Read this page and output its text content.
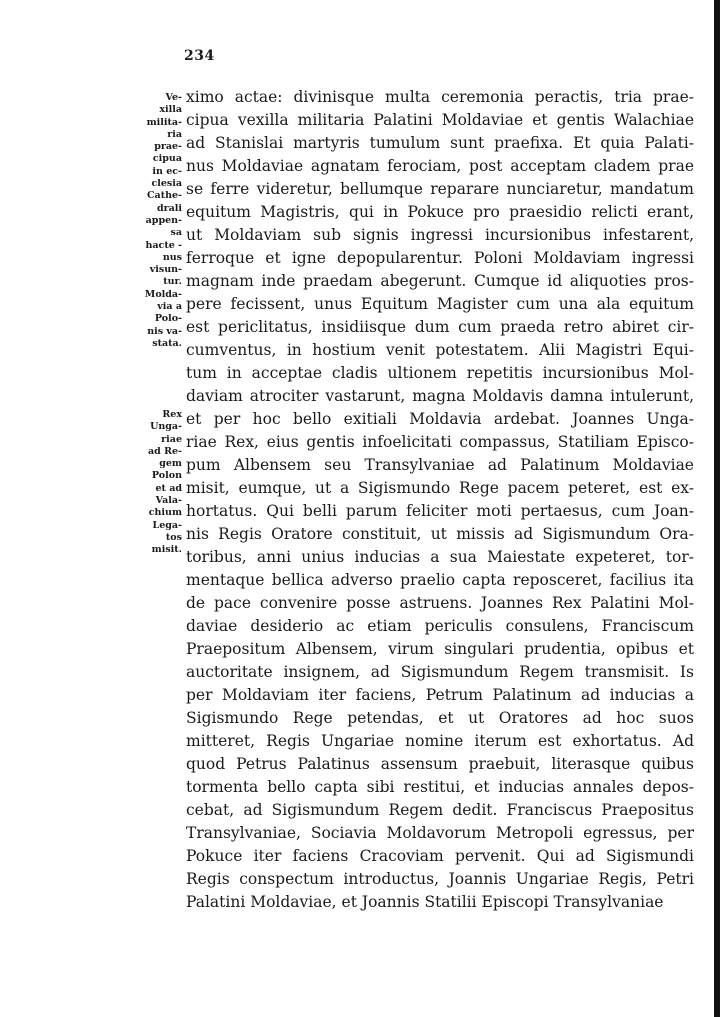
234
Ve-
xilla
milita-
ria
prae-
cipua
in ec-
clesia
Cathe-
drali
appen-
sa
hacte -
nus
visun-
tur.
Molda-
via a
Polo-
nis va-
stata.
Rex
Unga-
riae
ad Re-
gem
Polon
et ad
Vala-
chium
Lega-
tos
misit.
ximo actae: divinisque multa ceremonia peractis, tria prae-
cipua vexilla militaria Palatini Moldaviae et gentis Walachiae
ad Stanislai martyris tumulum sunt praefixa. Et quia Palati-
nus Moldaviae agnatam ferociam, post acceptam cladem prae
se ferre videretur, bellumque reparare nunciaretur, mandatum
equitum Magistris, qui in Pokuce pro praesidio relicti erant,
ut Moldaviam sub signis ingressi incursionibus infestarent,
ferroque et igne depopularentur. Poloni Moldaviam ingressi
magnam inde praedam abegerunt. Cumque id aliquoties pros-
pere fecissent, unus Equitum Magister cum una ala equitum
est periclitatus, insidiisque dum cum praeda retro abiret cir-
cumventus, in hostium venit potestatem. Alii Magistri Equi-
tum in acceptae cladis ultionem repetitis incursionibus Mol-
daviam atrociter vastarunt, magna Moldavis damna intulerunt,
et per hoc bello exitiali Moldavia ardebat. Joannes Unga-
riae Rex, eius gentis infoelicitati compassus, Statiliam Episco-
pum Albensem seu Transylvaniae ad Palatinum Moldaviae
misit, eumque, ut a Sigismundo Rege pacem peteret, est ex-
hortatus. Qui belli parum feliciter moti pertaesus, cum Joan-
nis Regis Oratore constituit, ut missis ad Sigismundum Ora-
toribus, anni unius inducias a sua Maiestate expeteret, tor-
mentaque bellica adverso praelio capta reposceret, facilius ita
de pace convenire posse astruens. Joannes Rex Palatini Mol-
daviae desiderio ac etiam periculis consulens, Franciscum
Praepositum Albensem, virum singulari prudentia, opibus et
auctoritate insignem, ad Sigismundum Regem transmisit. Is
per Moldaviam iter faciens, Petrum Palatinum ad inducias a
Sigismundo Rege petendas, et ut Oratores ad hoc suos
mitteret, Regis Ungariae nomine iterum est exhortatus. Ad
quod Petrus Palatinus assensum praebuit, literasque quibus
tormenta bello capta sibi restitui, et inducias annales depos-
cebat, ad Sigismundum Regem dedit. Franciscus Praepositus
Transylvaniae, Sociavia Moldavorum Metropoli egressus, per
Pokuce iter faciens Cracoviam pervenit. Qui ad Sigismundi
Regis conspectum introductus, Joannis Ungariae Regis, Petri
Palatini Moldaviae, et Joannis Statilii Episcopi Transylvaniae
